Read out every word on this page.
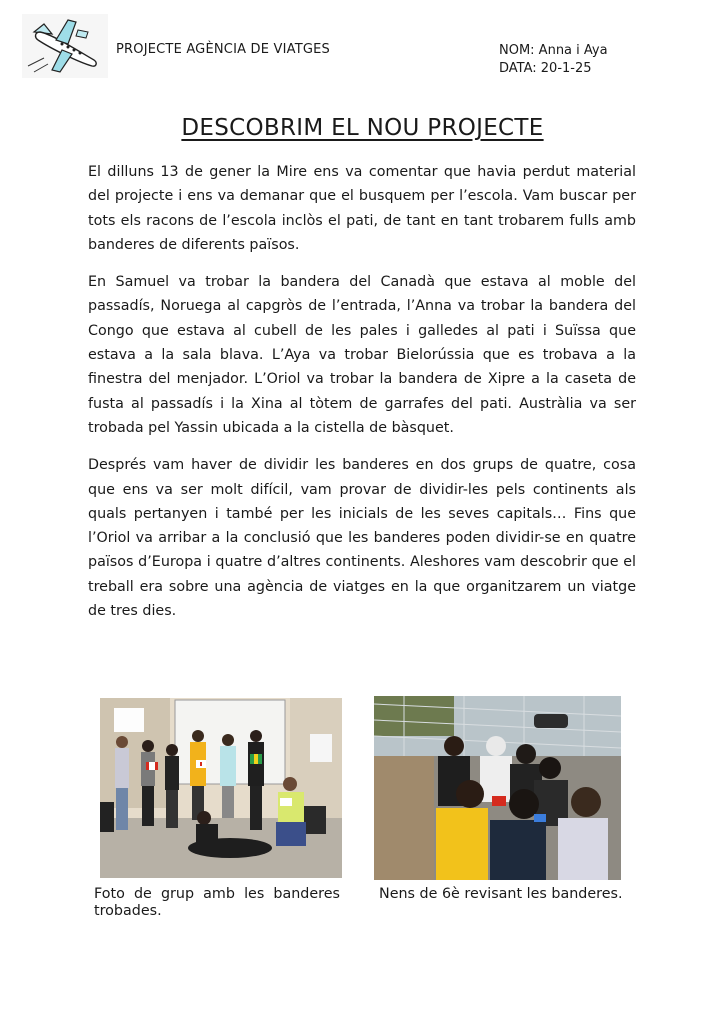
PROJECTE AGÈNCIA DE VIATGES	NOM: Anna i Aya
DATA: 20-1-25
DESCOBRIM EL NOU PROJECTE

El dilluns 13 de gener la Mire ens va comentar que havia perdut material del projecte i ens va demanar que el busquem per l’escola. Vam buscar per tots els racons de l’escola inclòs el pati, de tant en tant trobarem fulls amb banderes de diferents països.

En Samuel va trobar la bandera del Canadà que estava al moble del passadís, Noruega al capgròs de l’entrada, l’Anna va trobar la bandera del Congo que estava al cubell de les pales i galledes al pati i Suïssa que estava a la sala blava. L’Aya va trobar Bielorússia que es trobava a la finestra del menjador. L’Oriol va trobar la bandera de Xipre a la caseta de fusta al passadís i la Xina al tòtem de garrafes del pati. Austràlia va ser trobada pel Yassin ubicada a la cistella de bàsquet.

Després vam haver de dividir les banderes en dos grups de quatre, cosa que ens va ser molt difícil, vam provar de dividir-les pels continents als quals pertanyen i també per les inicials de les seves capitals… Fins que l’Oriol va arribar a la conclusió que les banderes poden dividir-se en quatre països d’Europa i quatre d’altres continents. Aleshores vam descobrir que el treball era sobre una agència de viatges en la que organitzarem un viatge de tres dies.

Foto de grup amb les banderes trobades.
Nens de 6è revisant les banderes.
